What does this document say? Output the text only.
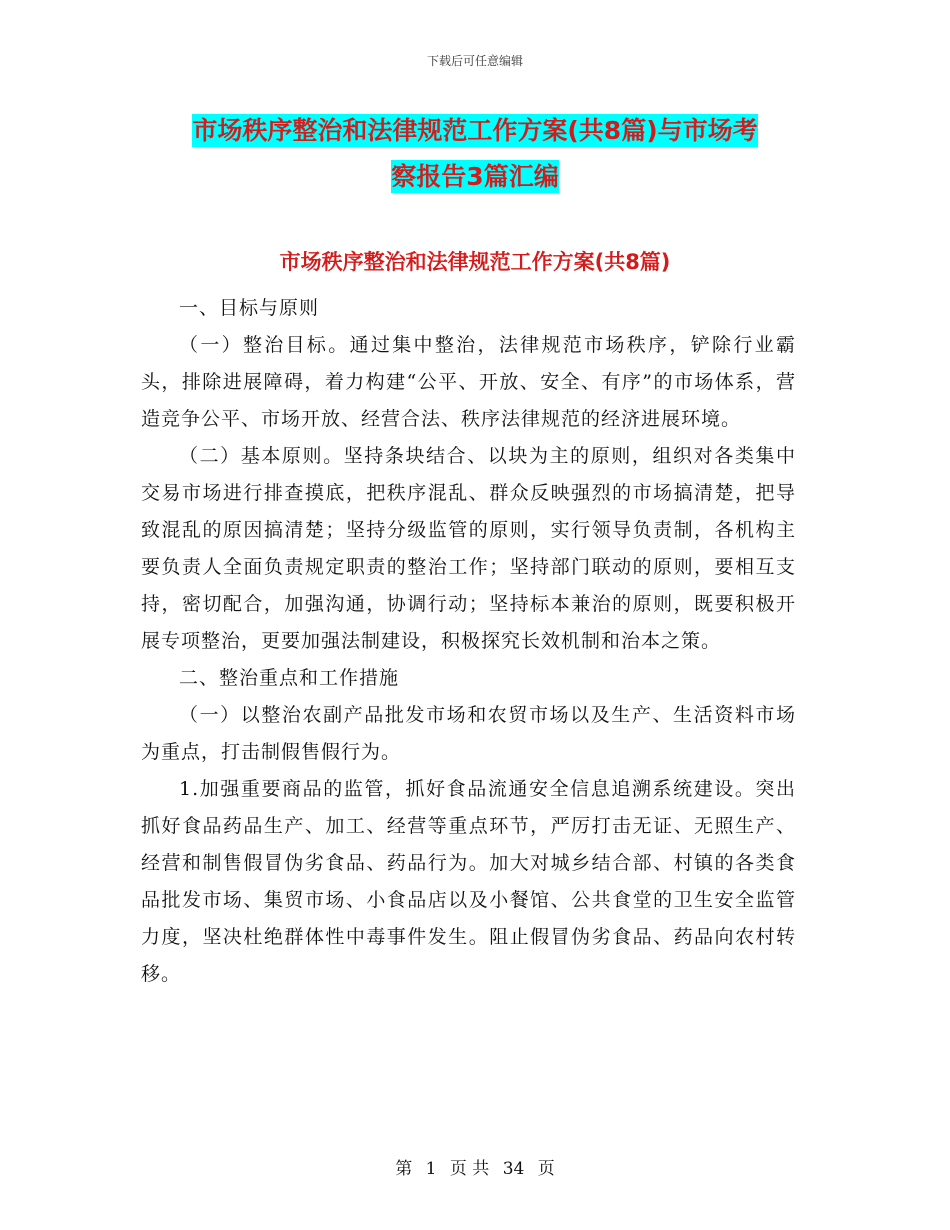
下载后可任意编辑
市场秩序整治和法律规范工作方案(共8篇)与市场考
察报告3篇汇编
市场秩序整治和法律规范工作方案(共8篇)

一、目标与原则

（一）整治目标。通过集中整治，法律规范市场秩序，铲除行业霸头，排除进展障碍，着力构建“公平、开放、安全、有序”的市场体系，营造竞争公平、市场开放、经营合法、秩序法律规范的经济进展环境。

（二）基本原则。坚持条块结合、以块为主的原则，组织对各类集中交易市场进行排查摸底，把秩序混乱、群众反映强烈的市场搞清楚，把导致混乱的原因搞清楚；坚持分级监管的原则，实行领导负责制，各机构主要负责人全面负责规定职责的整治工作；坚持部门联动的原则，要相互支持，密切配合，加强沟通，协调行动；坚持标本兼治的原则，既要积极开展专项整治，更要加强法制建设，积极探究长效机制和治本之策。

二、整治重点和工作措施

（一）以整治农副产品批发市场和农贸市场以及生产、生活资料市场为重点，打击制假售假行为。

1.加强重要商品的监管，抓好食品流通安全信息追溯系统建设。突出抓好食品药品生产、加工、经营等重点环节，严厉打击无证、无照生产、经营和制售假冒伪劣食品、药品行为。加大对城乡结合部、村镇的各类食品批发市场、集贸市场、小食品店以及小餐馆、公共食堂的卫生安全监管力度，坚决杜绝群体性中毒事件发生。阻止假冒伪劣食品、药品向农村转移。

第 1 页 共 34 页
